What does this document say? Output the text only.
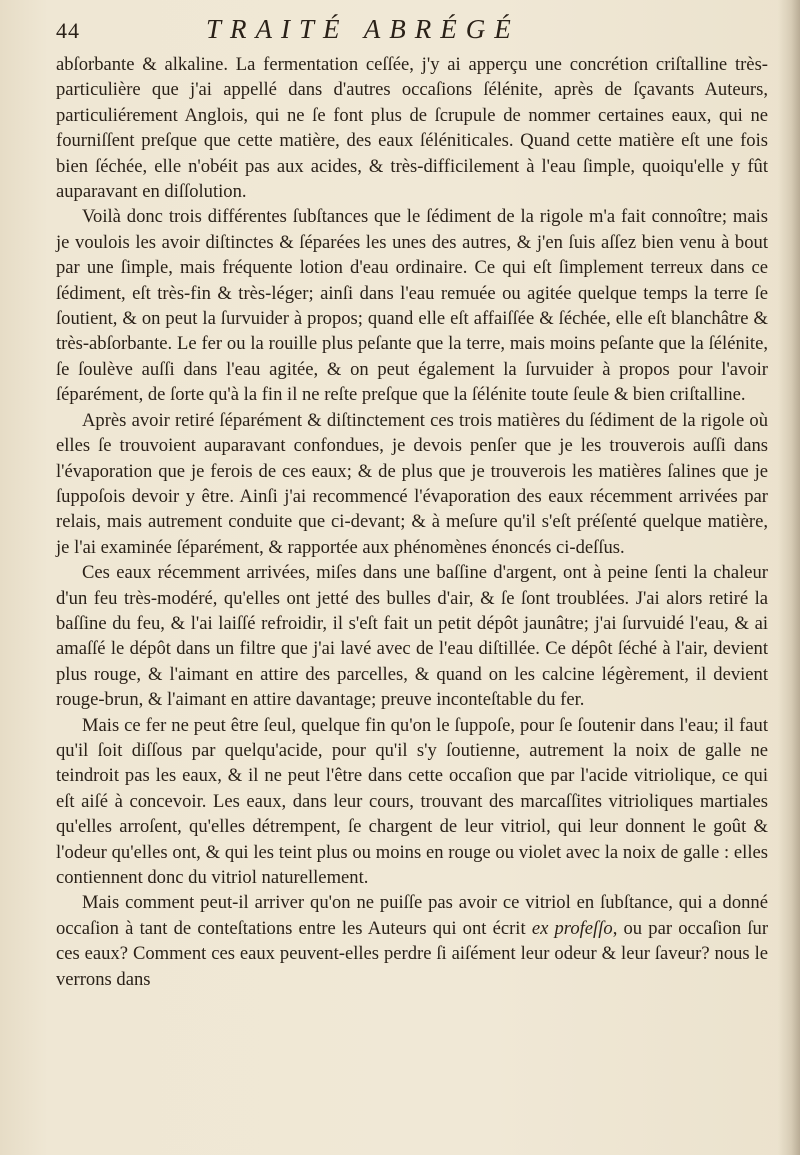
44	TRAITÉ ABRÉGÉ

abſorbante & alkaline. La fermentation ceſſée, j'y ai apperçu une concrétion criſtalline très-particulière que j'ai appellé dans d'autres occaſions ſélénite, après de ſçavants Auteurs, particuliérement Anglois, qui ne ſe font plus de ſcrupule de nommer certaines eaux, qui ne fourniſſent preſque que cette matière, des eaux ſéléniticales. Quand cette matière eſt une fois bien ſéchée, elle n'obéit pas aux acides, & très-difficilement à l'eau ſimple, quoiqu'elle y fût auparavant en diſſolution.

Voilà donc trois différentes ſubſtances que le ſédiment de la rigole m'a fait connoître; mais je voulois les avoir diſtinctes & ſéparées les unes des autres, & j'en ſuis aſſez bien venu à bout par une ſimple, mais fréquente lotion d'eau ordinaire. Ce qui eſt ſimplement terreux dans ce ſédiment, eſt très-fin & très-léger; ainſi dans l'eau remuée ou agitée quelque temps la terre ſe ſoutient, & on peut la ſurvuider à propos; quand elle eſt affaiſſée & ſéchée, elle eſt blanchâtre & très-abſorbante. Le fer ou la rouille plus peſante que la terre, mais moins peſante que la ſélénite, ſe ſoulève auſſi dans l'eau agitée, & on peut également la ſurvuider à propos pour l'avoir ſéparément, de ſorte qu'à la fin il ne reſte preſque que la ſélénite toute ſeule & bien criſtalline.

Après avoir retiré ſéparément & diſtinctement ces trois matières du ſédiment de la rigole où elles ſe trouvoient auparavant confondues, je devois penſer que je les trouverois auſſi dans l'évaporation que je ferois de ces eaux; & de plus que je trouverois les matières ſalines que je ſuppoſois devoir y être. Ainſi j'ai recommencé l'évaporation des eaux récemment arrivées par relais, mais autrement conduite que ci-devant; & à meſure qu'il s'eſt préſenté quelque matière, je l'ai examinée ſéparément, & rapportée aux phénomènes énoncés ci-deſſus.

Ces eaux récemment arrivées, miſes dans une baſſine d'argent, ont à peine ſenti la chaleur d'un feu très-modéré, qu'elles ont jetté des bulles d'air, & ſe ſont troublées. J'ai alors retiré la baſſine du feu, & l'ai laiſſé refroidir, il s'eſt fait un petit dépôt jaunâtre; j'ai ſurvuidé l'eau, & ai amaſſé le dépôt dans un filtre que j'ai lavé avec de l'eau diſtillée. Ce dépôt ſéché à l'air, devient plus rouge, & l'aimant en attire des parcelles, & quand on les calcine légèrement, il devient rouge-brun, & l'aimant en attire davantage; preuve inconteſtable du fer.

Mais ce fer ne peut être ſeul, quelque fin qu'on le ſuppoſe, pour ſe ſoutenir dans l'eau; il faut qu'il ſoit diſſous par quelqu'acide, pour qu'il s'y ſoutienne, autrement la noix de galle ne teindroit pas les eaux, & il ne peut l'être dans cette occaſion que par l'acide vitriolique, ce qui eſt aiſé à concevoir. Les eaux, dans leur cours, trouvant des marcaſſites vitrioliques martiales qu'elles arroſent, qu'elles détrempent, ſe chargent de leur vitriol, qui leur donnent le goût & l'odeur qu'elles ont, & qui les teint plus ou moins en rouge ou violet avec la noix de galle : elles contiennent donc du vitriol naturellement.

Mais comment peut-il arriver qu'on ne puiſſe pas avoir ce vitriol en ſubſtance, qui a donné occaſion à tant de conteſtations entre les Auteurs qui ont écrit ex profeſſo, ou par occaſion ſur ces eaux? Comment ces eaux peuvent-elles perdre ſi aiſément leur odeur & leur ſaveur? nous le verrons dans
